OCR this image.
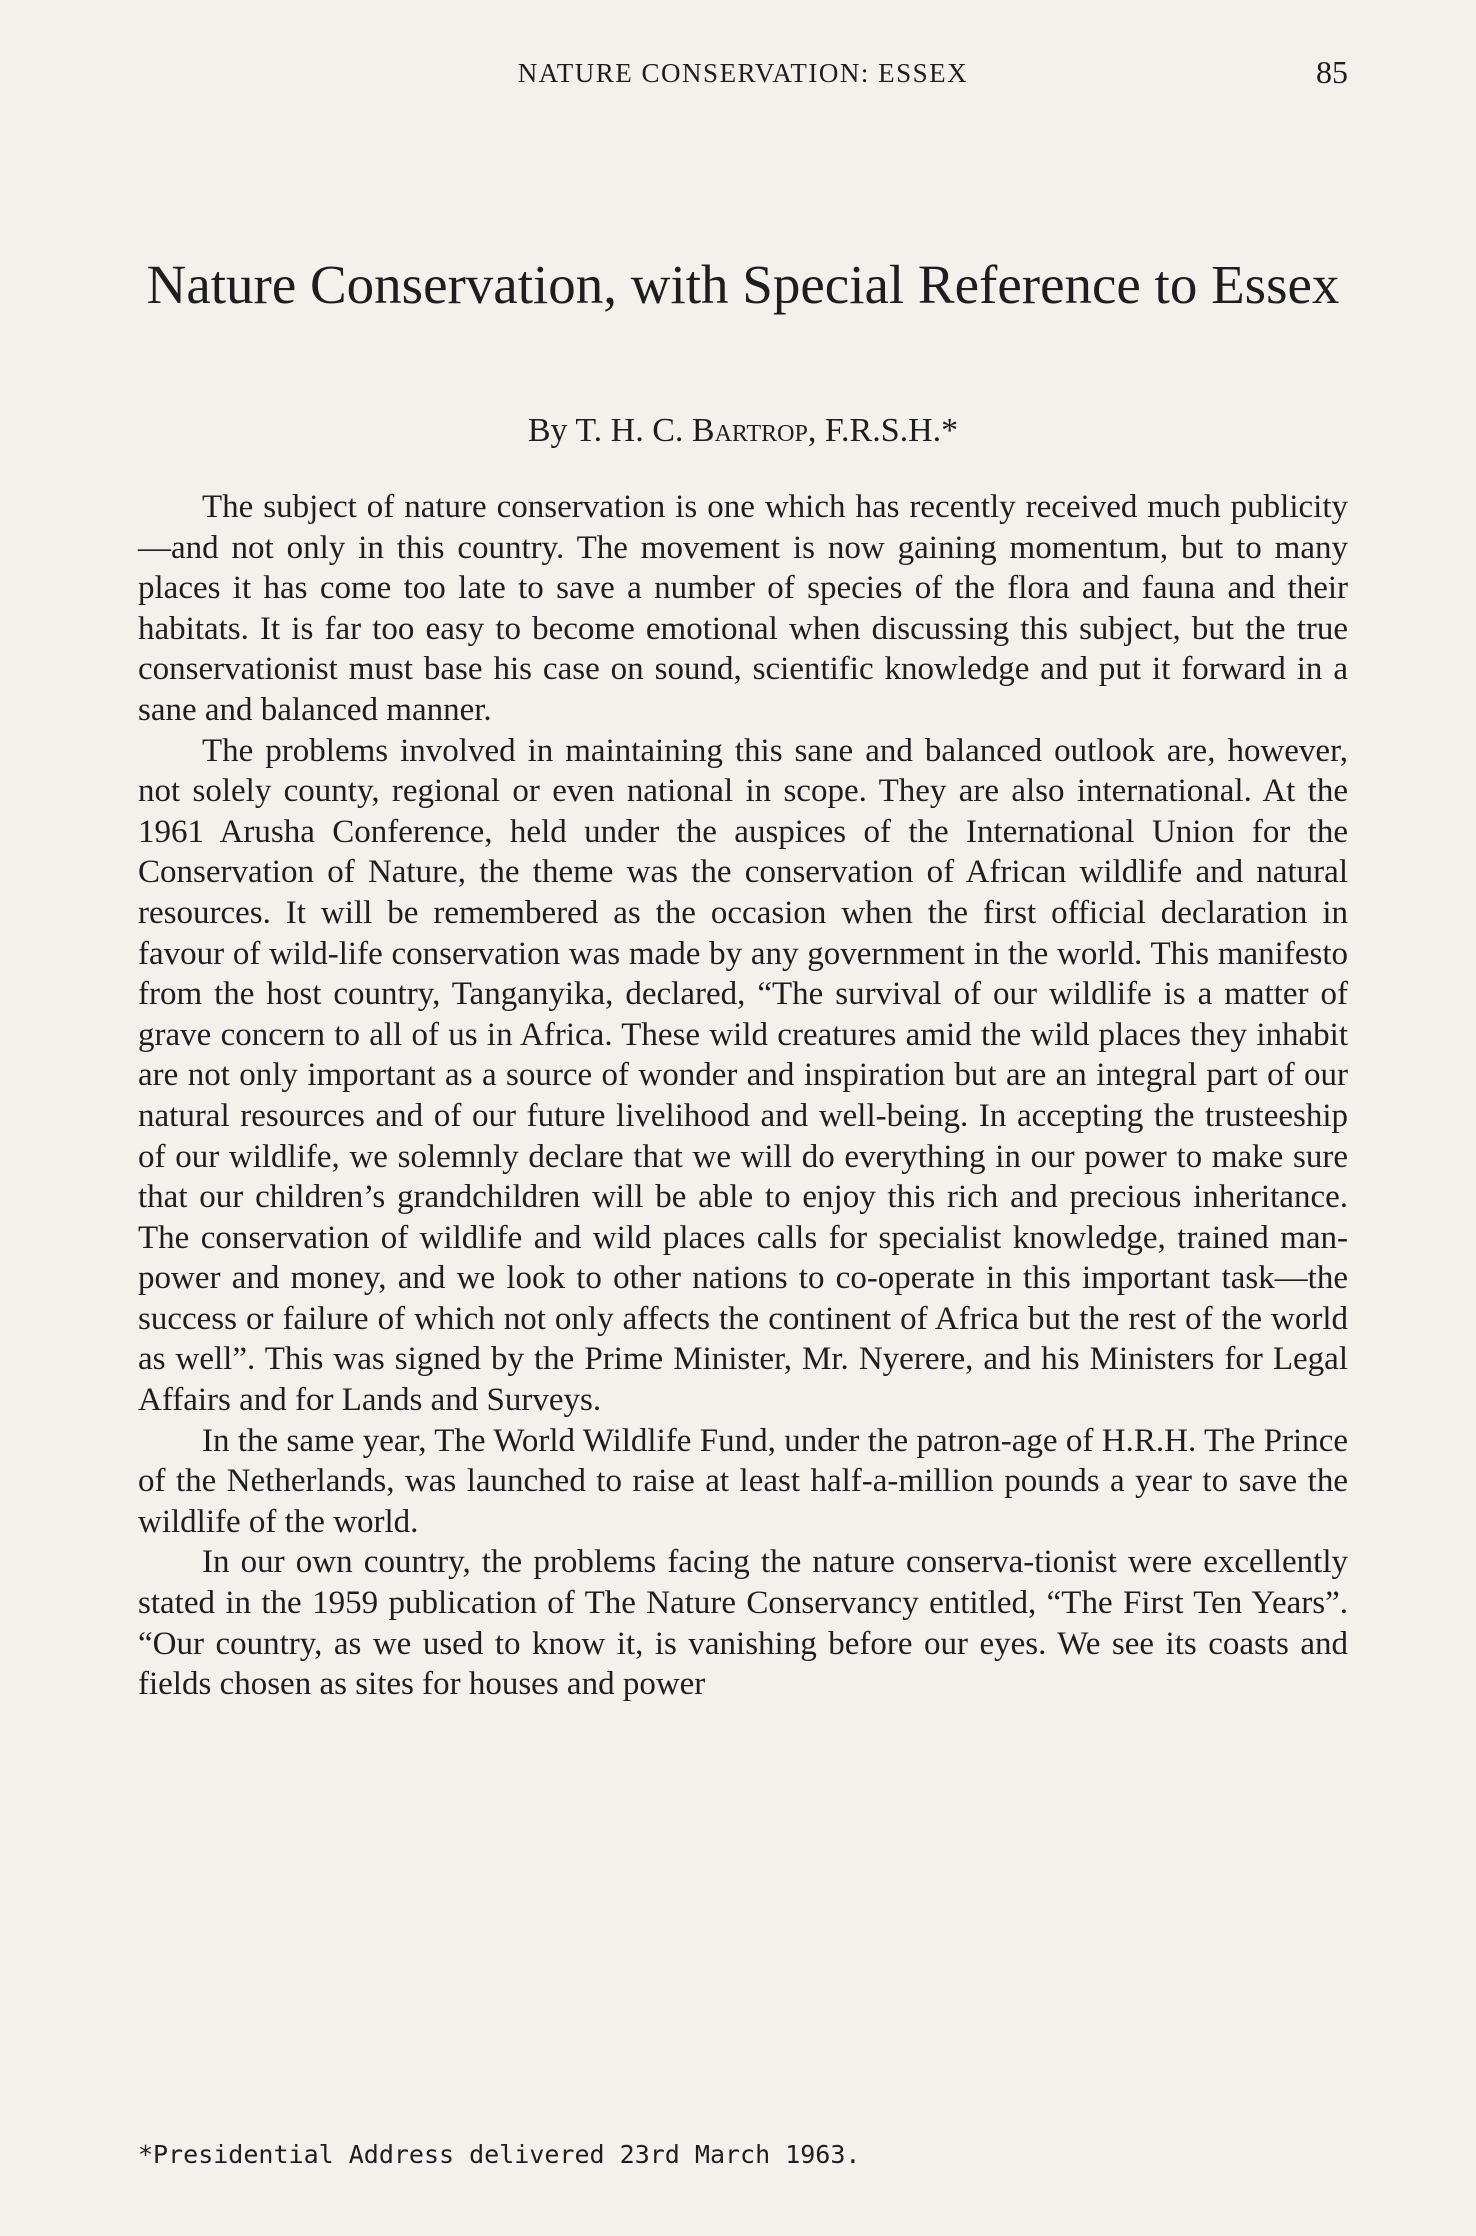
NATURE CONSERVATION: ESSEX	85
Nature Conservation, with Special Reference to Essex
By T. H. C. Bartrop, F.R.S.H.*

The subject of nature conservation is one which has recently received much publicity—and not only in this country. The movement is now gaining momentum, but to many places it has come too late to save a number of species of the flora and fauna and their habitats. It is far too easy to become emotional when discussing this subject, but the true conservationist must base his case on sound, scientific knowledge and put it forward in a sane and balanced manner.

The problems involved in maintaining this sane and balanced outlook are, however, not solely county, regional or even national in scope. They are also international. At the 1961 Arusha Conference, held under the auspices of the International Union for the Conservation of Nature, the theme was the conservation of African wildlife and natural resources. It will be remembered as the occasion when the first official declaration in favour of wild-life conservation was made by any government in the world. This manifesto from the host country, Tanganyika, declared, “The survival of our wildlife is a matter of grave concern to all of us in Africa. These wild creatures amid the wild places they inhabit are not only important as a source of wonder and inspiration but are an integral part of our natural resources and of our future livelihood and well-being. In accepting the trusteeship of our wildlife, we solemnly declare that we will do everything in our power to make sure that our children’s grandchildren will be able to enjoy this rich and precious inheritance. The conservation of wildlife and wild places calls for specialist knowledge, trained man-power and money, and we look to other nations to co-operate in this important task—the success or failure of which not only affects the continent of Africa but the rest of the world as well”. This was signed by the Prime Minister, Mr. Nyerere, and his Ministers for Legal Affairs and for Lands and Surveys.

In the same year, The World Wildlife Fund, under the patron-age of H.R.H. The Prince of the Netherlands, was launched to raise at least half-a-million pounds a year to save the wildlife of the world.

In our own country, the problems facing the nature conserva-tionist were excellently stated in the 1959 publication of The Nature Conservancy entitled, “The First Ten Years”. “Our country, as we used to know it, is vanishing before our eyes. We see its coasts and fields chosen as sites for houses and power

*Presidential Address delivered 23rd March 1963.
